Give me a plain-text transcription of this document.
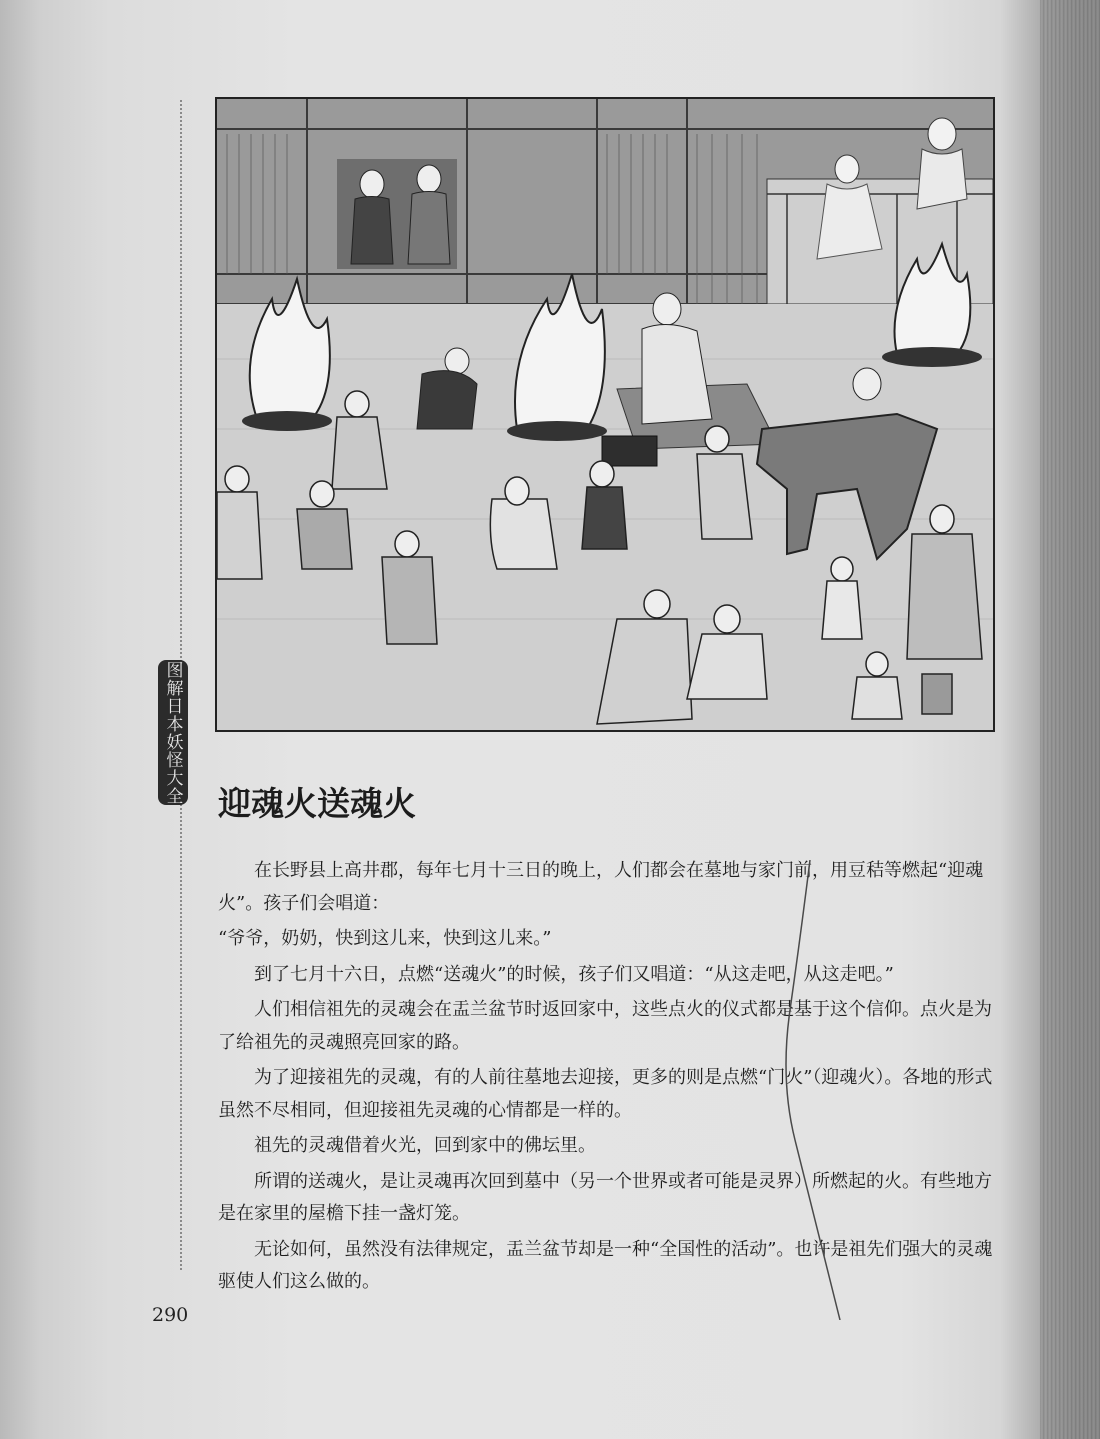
图解日本妖怪大全 迎魂火送魂火

在长野县上高井郡，每年七月十三日的晚上，人们都会在墓地与家门前，用豆秸等燃起“迎魂火”。孩子们会唱道：

“爷爷，奶奶，快到这儿来，快到这儿来。”

到了七月十六日，点燃“送魂火”的时候，孩子们又唱道：“从这走吧，从这走吧。”

人们相信祖先的灵魂会在盂兰盆节时返回家中，这些点火的仪式都是基于这个信仰。点火是为了给祖先的灵魂照亮回家的路。

为了迎接祖先的灵魂，有的人前往墓地去迎接，更多的则是点燃“门火”（迎魂火）。各地的形式虽然不尽相同，但迎接祖先灵魂的心情都是一样的。

祖先的灵魂借着火光，回到家中的佛坛里。

所谓的送魂火，是让灵魂再次回到墓中（另一个世界或者可能是灵界）所燃起的火。有些地方是在家里的屋檐下挂一盏灯笼。

无论如何，虽然没有法律规定，盂兰盆节却是一种“全国性的活动”。也许是祖先们强大的灵魂驱使人们这么做的。

290
